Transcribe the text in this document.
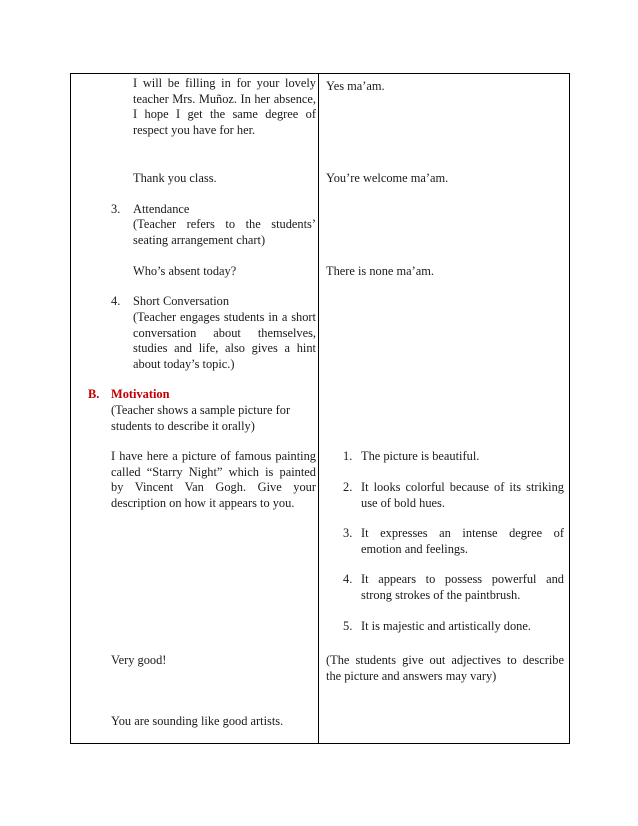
I will be filling in for your lovely teacher Mrs. Muñoz. In her absence, I hope I get the same degree of respect you have for her.

Thank you class.

3. Attendance

(Teacher refers to the students’ seating arrangement chart)

Who’s absent today?

4. Short Conversation

(Teacher engages students in a short conversation about themselves, studies and life, also gives a hint about today’s topic.)

B. Motivation

(Teacher shows a sample picture for students to describe it orally)

I have here a picture of famous painting called “Starry Night” which is painted by Vincent Van Gogh. Give your description on how it appears to you.

Very good!

You are sounding like good artists.

Yes ma’am.

You’re welcome ma’am.

There is none ma’am.

1. The picture is beautiful.

2. It looks colorful because of its striking use of bold hues.

3. It expresses an intense degree of emotion and feelings.

4. It appears to possess powerful and strong strokes of the paintbrush.

5. It is majestic and artistically done.

(The students give out adjectives to describe the picture and answers may vary)
